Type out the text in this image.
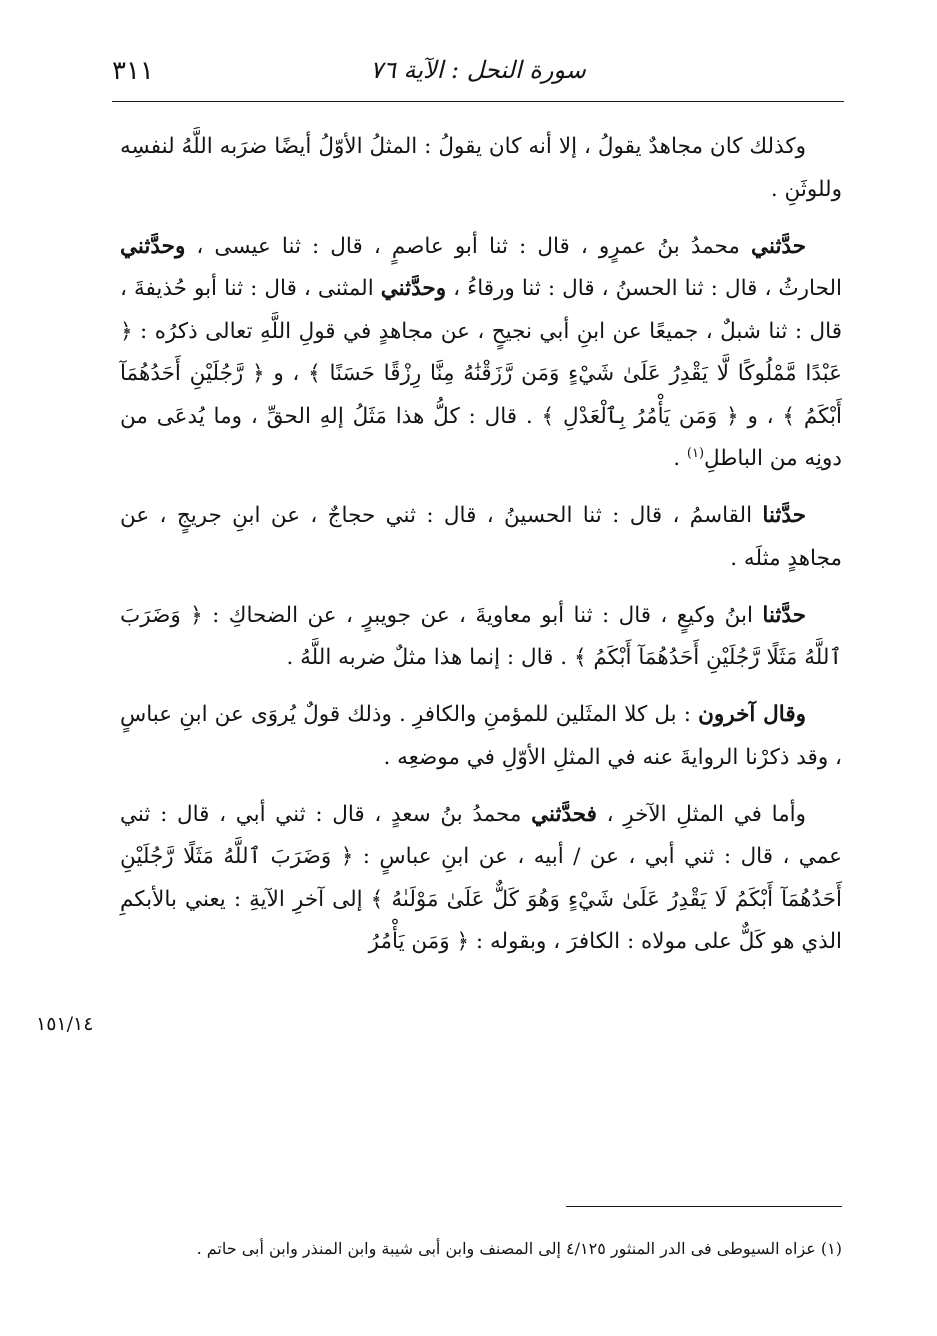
٣١١	سورة النحل : الآية ٧٦

وكذلك كان مجاهدٌ يقولُ ، إلا أنه كان يقولُ : المثلُ الأوّلُ أيضًا ضرَبه اللَّهُ لنفسِه وللوثَنِ .

حدَّثني محمدُ بنُ عمرٍو ، قال : ثنا أبو عاصمٍ ، قال : ثنا عيسى ، وحدَّثني الحارثُ ، قال : ثنا الحسنُ ، قال : ثنا ورقاءُ ، وحدَّثني المثنى ، قال : ثنا أبو حُذيفةَ ، قال : ثنا شبلٌ ، جميعًا عن ابنِ أبي نجيحٍ ، عن مجاهدٍ في قولِ اللَّهِ تعالى ذكرُه : ﴿ عَبْدًا مَّمْلُوكًا لَّا يَقْدِرُ عَلَىٰ شَيْءٍ وَمَن رَّزَقْنَٰهُ مِنَّا رِزْقًا حَسَنًا ﴾ ، و ﴿ رَّجُلَيْنِ أَحَدُهُمَآ أَبْكَمُ ﴾ ، و ﴿ وَمَن يَأْمُرُ بِٱلْعَدْلِ ﴾ . قال : كلُّ هذا مَثَلُ إلهِ الحقِّ ، وما يُدعَى من دونِه من الباطلِ$^{(١)}$ .

حدَّثنا القاسمُ ، قال : ثنا الحسينُ ، قال : ثني حجاجٌ ، عن ابنِ جريجٍ ، عن مجاهدٍ مثلَه .

حدَّثنا ابنُ وكيعٍ ، قال : ثنا أبو معاويةَ ، عن جويبرٍ ، عن الضحاكِ : ﴿ وَضَرَبَ ٱللَّهُ مَثَلًا رَّجُلَيْنِ أَحَدُهُمَآ أَبْكَمُ ﴾ . قال : إنما هذا مثلٌ ضربه اللَّهُ .

وقال آخرون : بل كلا المثَلين للمؤمنِ والكافرِ . وذلك قولٌ يُروَى عن ابنِ عباسٍ ، وقد ذكرْنا الروايةَ عنه في المثلِ الأوّلِ في موضعِه .

وأما في المثلِ الآخرِ ، فحدَّثني محمدُ بنُ سعدٍ ، قال : ثني أبي ، قال : ثني عمي ، قال : ثني أبي ، عن / أبيه ، عن ابنِ عباسٍ : ﴿ وَضَرَبَ ٱللَّهُ مَثَلًا رَّجُلَيْنِ أَحَدُهُمَآ أَبْكَمُ لَا يَقْدِرُ عَلَىٰ شَيْءٍ وَهُوَ كَلٌّ عَلَىٰ مَوْلَىٰهُ ﴾ إلى آخرِ الآيةِ : يعني بالأبكمِ الذي هو كَلٌّ على مولاه : الكافرَ ، وبقوله : ﴿ وَمَن يَأْمُرُ

١٥١/١٤
(١) عزاه السيوطى فى الدر المنثور ٤/١٢٥ إلى المصنف وابن أبى شيبة وابن المنذر وابن أبى حاتم .
